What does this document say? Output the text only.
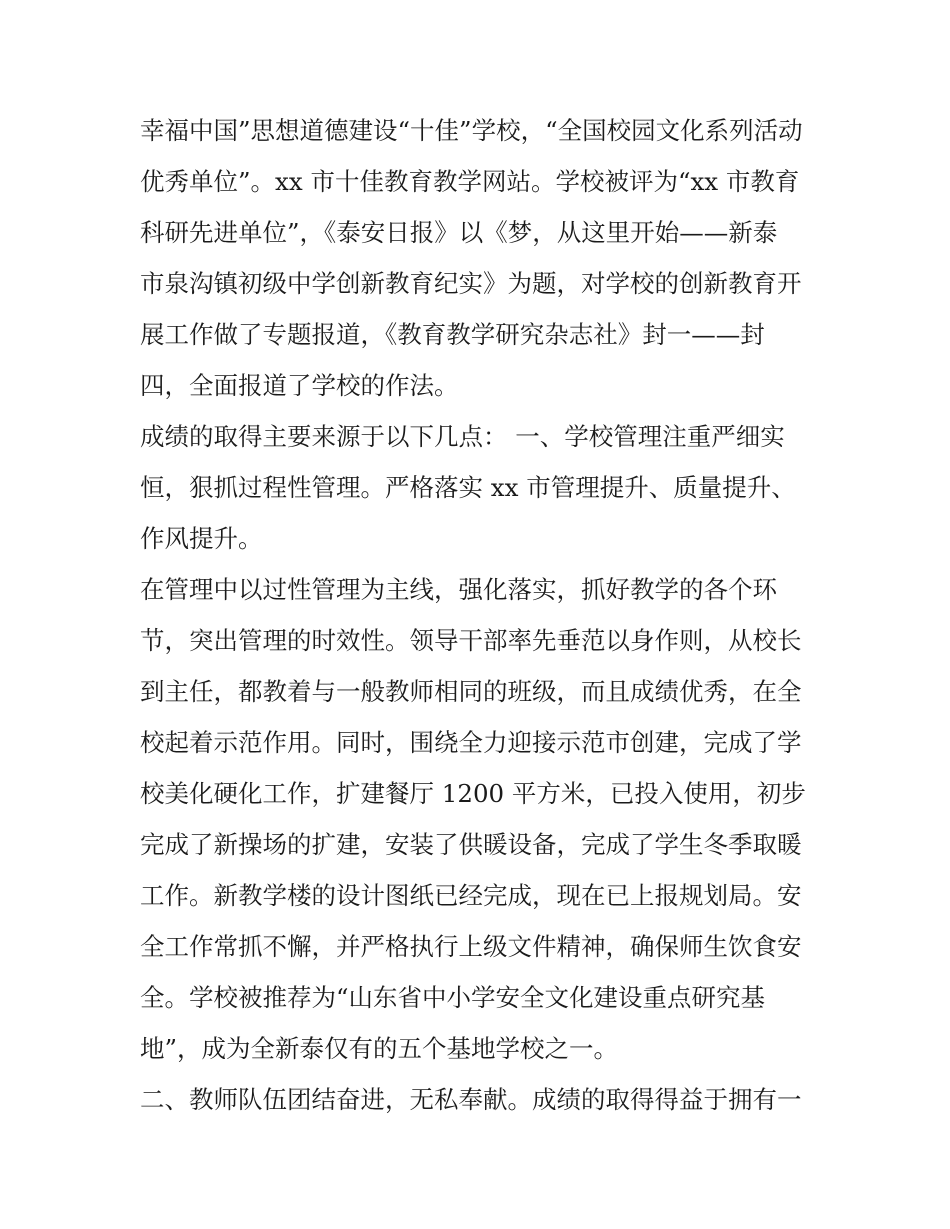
幸福中国”思想道德建设“十佳”学校，“全国校园文化系列活动
优秀单位”。xx 市十佳教育教学网站。学校被评为“xx 市教育
科研先进单位”，《泰安日报》以《梦，从这里开始——新泰
市泉沟镇初级中学创新教育纪实》为题，对学校的创新教育开
展工作做了专题报道，《教育教学研究杂志社》封一——封
四，全面报道了学校的作法。
成绩的取得主要来源于以下几点： 一、学校管理注重严细实
恒，狠抓过程性管理。严格落实 xx 市管理提升、质量提升、
作风提升。
在管理中以过性管理为主线，强化落实，抓好教学的各个环
节，突出管理的时效性。领导干部率先垂范以身作则，从校长
到主任，都教着与一般教师相同的班级，而且成绩优秀，在全
校起着示范作用。同时，围绕全力迎接示范市创建，完成了学
校美化硬化工作，扩建餐厅 1200 平方米，已投入使用，初步
完成了新操场的扩建，安装了供暖设备，完成了学生冬季取暖
工作。新教学楼的设计图纸已经完成，现在已上报规划局。安
全工作常抓不懈，并严格执行上级文件精神，确保师生饮食安
全。学校被推荐为“山东省中小学安全文化建设重点研究基
地”，成为全新泰仅有的五个基地学校之一。
二、教师队伍团结奋进，无私奉献。成绩的取得得益于拥有一
